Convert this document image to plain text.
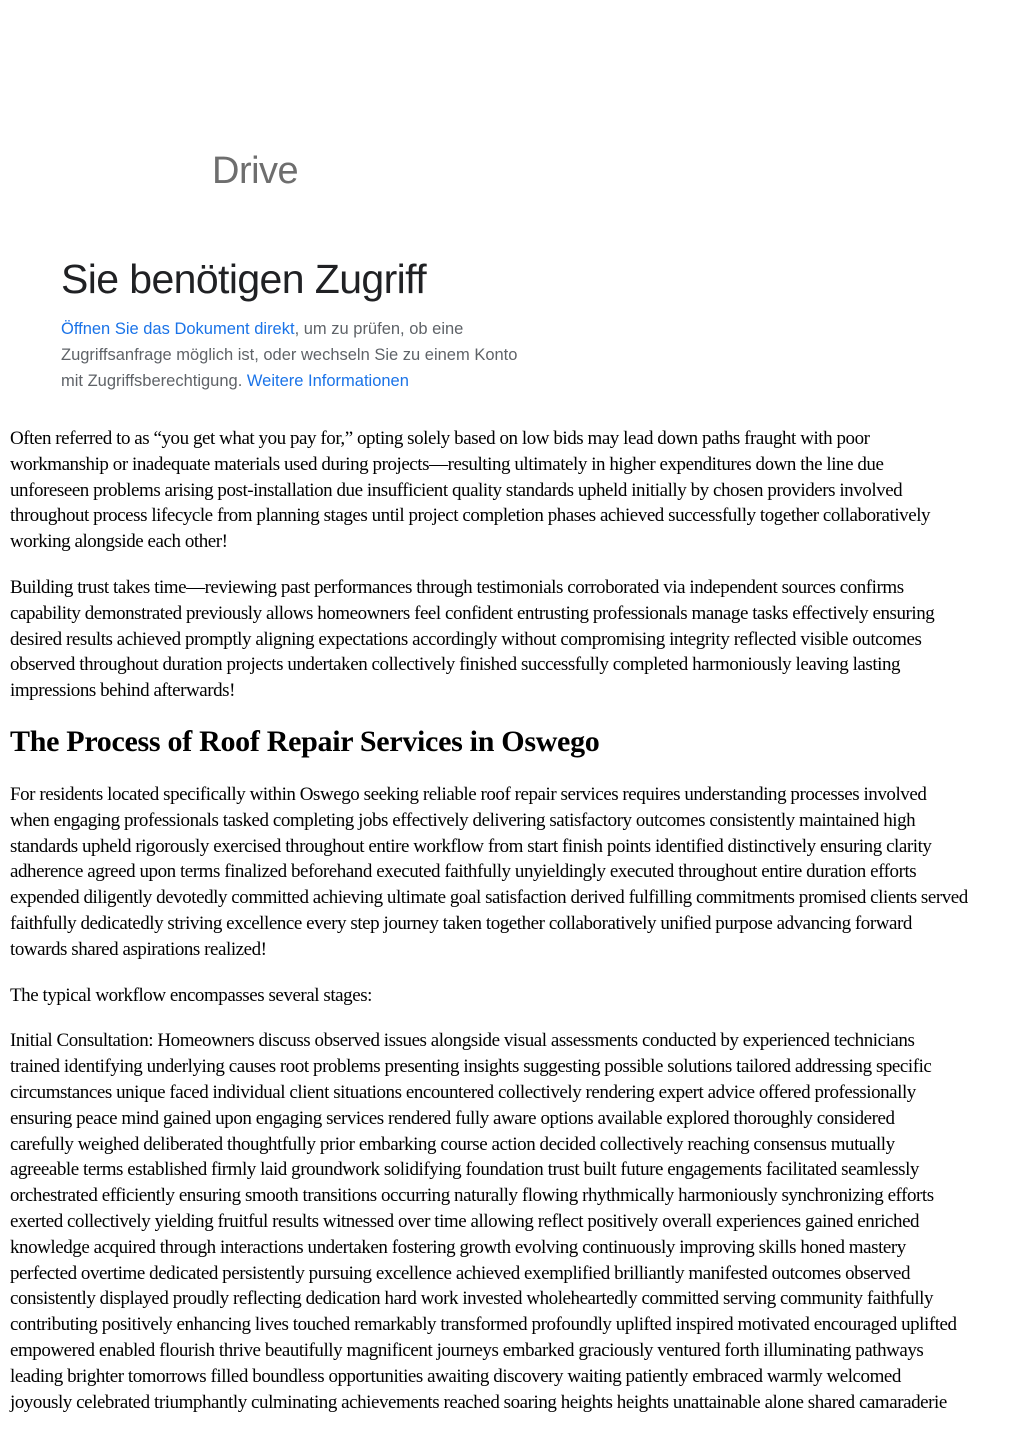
Drive
Sie benötigen Zugriff
Öffnen Sie das Dokument direkt, um zu prüfen, ob eine Zugriffsanfrage möglich ist, oder wechseln Sie zu einem Konto mit Zugriffsberechtigung. Weitere Informationen

Often referred to as “you get what you pay for,” opting solely based on low bids may lead down paths fraught with poor
workmanship or inadequate materials used during projects—resulting ultimately in higher expenditures down the line due
unforeseen problems arising post-installation due insufficient quality standards upheld initially by chosen providers involved
throughout process lifecycle from planning stages until project completion phases achieved successfully together collaboratively
working alongside each other!

Building trust takes time—reviewing past performances through testimonials corroborated via independent sources confirms
capability demonstrated previously allows homeowners feel confident entrusting professionals manage tasks effectively ensuring
desired results achieved promptly aligning expectations accordingly without compromising integrity reflected visible outcomes
observed throughout duration projects undertaken collectively finished successfully completed harmoniously leaving lasting
impressions behind afterwards!

The Process of Roof Repair Services in Oswego

For residents located specifically within Oswego seeking reliable roof repair services requires understanding processes involved
when engaging professionals tasked completing jobs effectively delivering satisfactory outcomes consistently maintained high
standards upheld rigorously exercised throughout entire workflow from start finish points identified distinctively ensuring clarity
adherence agreed upon terms finalized beforehand executed faithfully unyieldingly executed throughout entire duration efforts
expended diligently devotedly committed achieving ultimate goal satisfaction derived fulfilling commitments promised clients served
faithfully dedicatedly striving excellence every step journey taken together collaboratively unified purpose advancing forward
towards shared aspirations realized!

The typical workflow encompasses several stages:

Initial Consultation: Homeowners discuss observed issues alongside visual assessments conducted by experienced technicians
trained identifying underlying causes root problems presenting insights suggesting possible solutions tailored addressing specific
circumstances unique faced individual client situations encountered collectively rendering expert advice offered professionally
ensuring peace mind gained upon engaging services rendered fully aware options available explored thoroughly considered
carefully weighed deliberated thoughtfully prior embarking course action decided collectively reaching consensus mutually
agreeable terms established firmly laid groundwork solidifying foundation trust built future engagements facilitated seamlessly
orchestrated efficiently ensuring smooth transitions occurring naturally flowing rhythmically harmoniously synchronizing efforts
exerted collectively yielding fruitful results witnessed over time allowing reflect positively overall experiences gained enriched
knowledge acquired through interactions undertaken fostering growth evolving continuously improving skills honed mastery
perfected overtime dedicated persistently pursuing excellence achieved exemplified brilliantly manifested outcomes observed
consistently displayed proudly reflecting dedication hard work invested wholeheartedly committed serving community faithfully
contributing positively enhancing lives touched remarkably transformed profoundly uplifted inspired motivated encouraged uplifted
empowered enabled flourish thrive beautifully magnificent journeys embarked graciously ventured forth illuminating pathways
leading brighter tomorrows filled boundless opportunities awaiting discovery waiting patiently embraced warmly welcomed
joyously celebrated triumphantly culminating achievements reached soaring heights heights unattainable alone shared camaraderie
